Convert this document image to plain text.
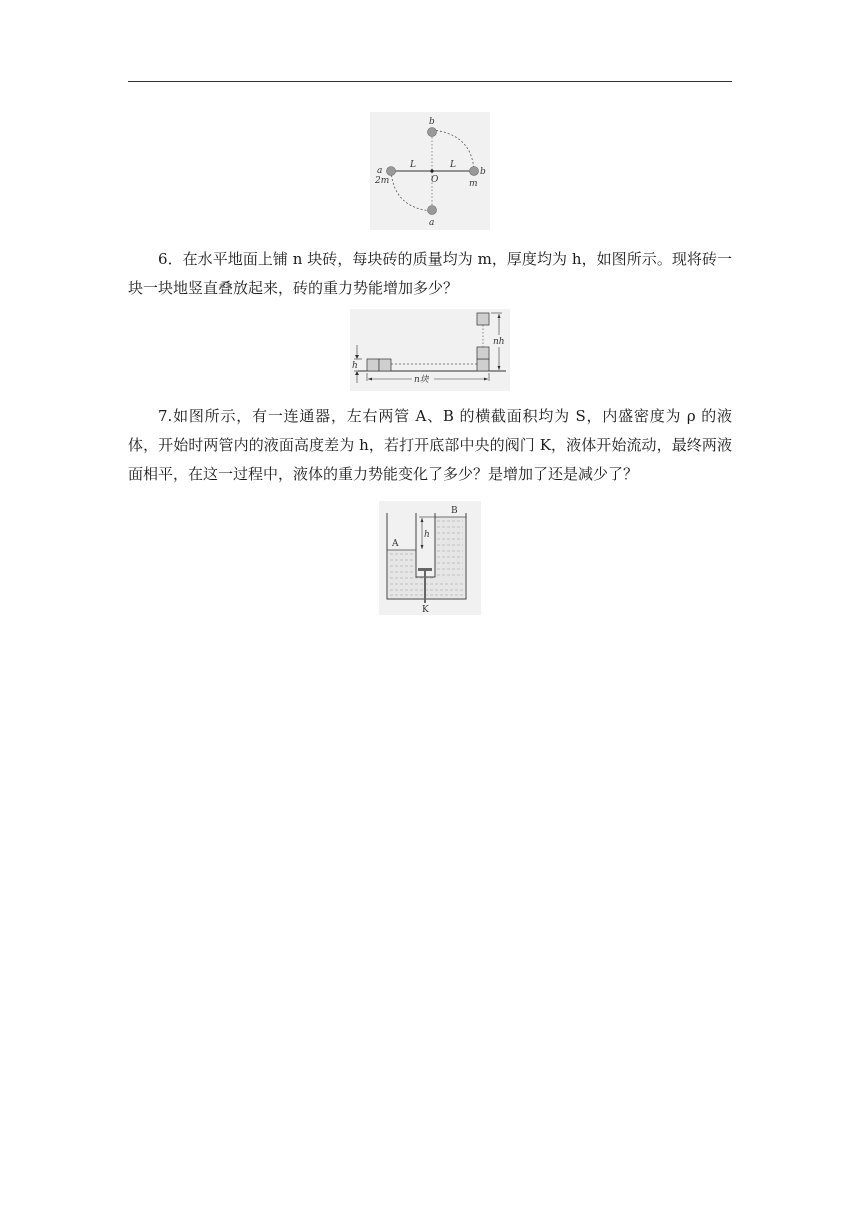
b
L	L
a
2m	O
b
m
a

6．在水平地面上铺 n 块砖，每块砖的质量均为 m，厚度均为 h，如图所示。现将砖一块一块地竖直叠放起来，砖的重力势能增加多少？

h
n块
nh

7.如图所示，有一连通器，左右两管 A、B 的横截面积均为 S，内盛密度为 ρ 的液体，开始时两管内的液面高度差为 h，若打开底部中央的阀门 K，液体开始流动，最终两液面相平，在这一过程中，液体的重力势能变化了多少？是增加了还是减少了？

h
A
B
K
